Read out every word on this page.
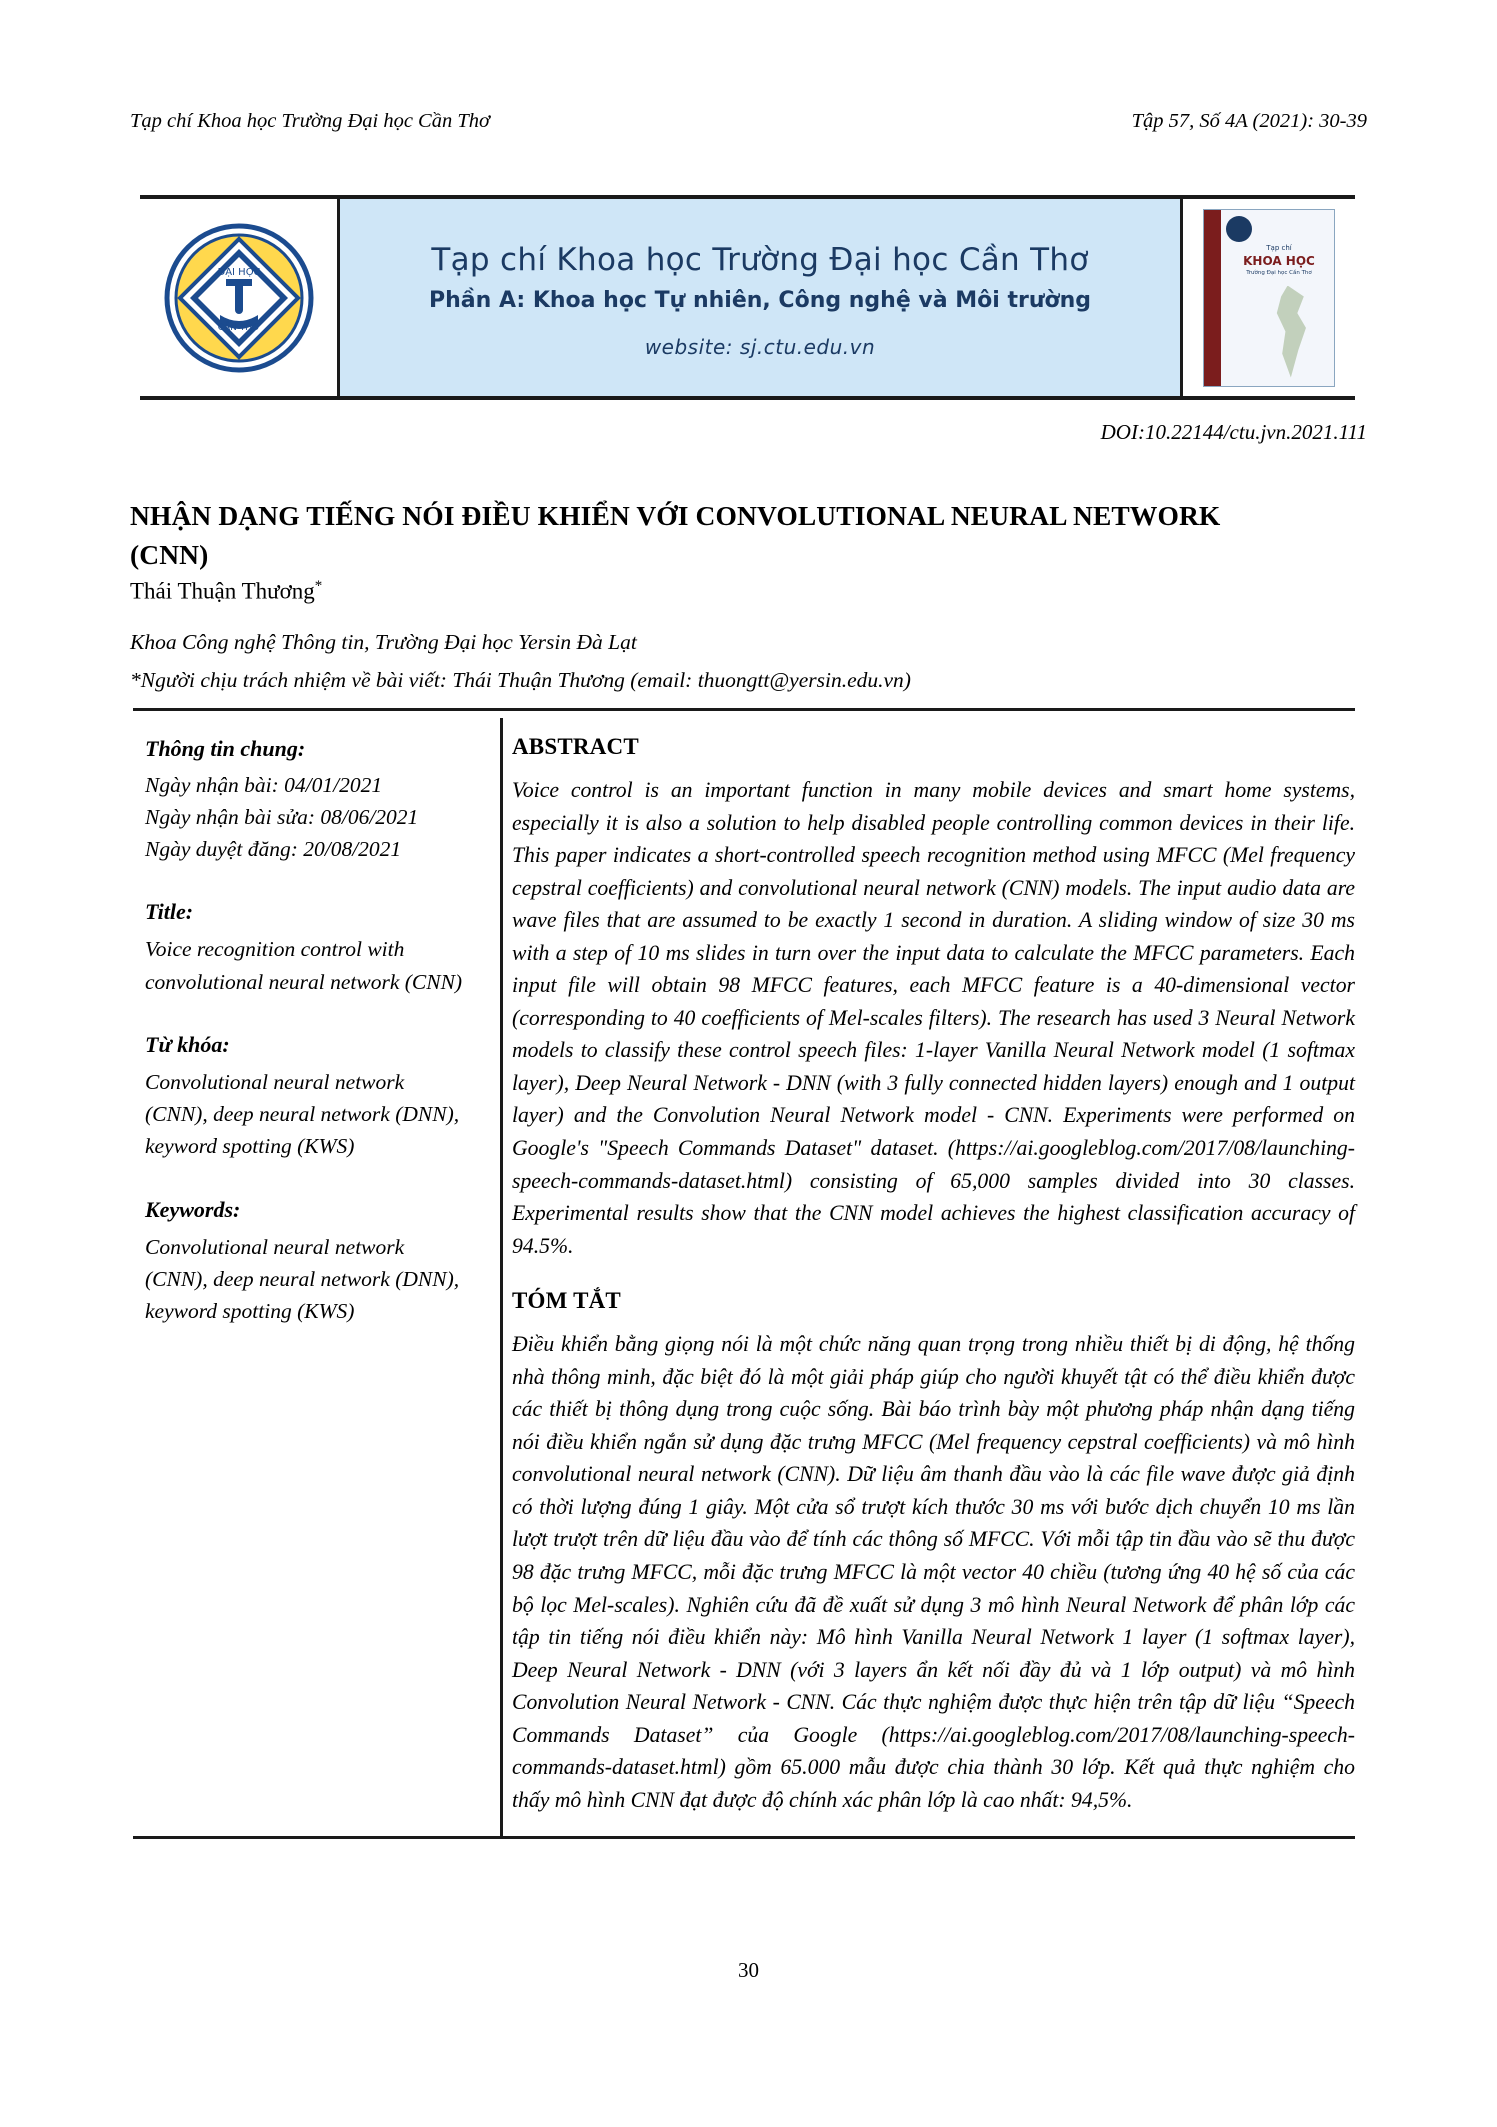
Tạp chí Khoa học Trường Đại học Cần Thơ	Tập 57, Số 4A (2021): 30-39
ĐẠI HỌC
CẦN THƠ
Tạp chí Khoa học Trường Đại học Cần Thơ
Phần A: Khoa học Tự nhiên, Công nghệ và Môi trường
website: sj.ctu.edu.vn
Tạp chí
KHOA HỌC
Trường Đại học Cần Thơ
DOI:10.22144/ctu.jvn.2021.111
NHẬN DẠNG TIẾNG NÓI ĐIỀU KHIỂN VỚI CONVOLUTIONAL NEURAL NETWORK (CNN)
Thái Thuận Thương*
Khoa Công nghệ Thông tin, Trường Đại học Yersin Đà Lạt
*Người chịu trách nhiệm về bài viết: Thái Thuận Thương (email: thuongtt@yersin.edu.vn)
Thông tin chung:

Ngày nhận bài: 04/01/2021

Ngày nhận bài sửa: 08/06/2021

Ngày duyệt đăng: 20/08/2021

Title:

Voice recognition control with convolutional neural network (CNN)

Từ khóa:

Convolutional neural network (CNN), deep neural network (DNN), keyword spotting (KWS)

Keywords:

Convolutional neural network (CNN), deep neural network (DNN), keyword spotting (KWS)

ABSTRACT

Voice control is an important function in many mobile devices and smart home systems, especially it is also a solution to help disabled people controlling common devices in their life. This paper indicates a short-controlled speech recognition method using MFCC (Mel frequency cepstral coefficients) and convolutional neural network (CNN) models. The input audio data are wave files that are assumed to be exactly 1 second in duration. A sliding window of size 30 ms with a step of 10 ms slides in turn over the input data to calculate the MFCC parameters. Each input file will obtain 98 MFCC features, each MFCC feature is a 40-dimensional vector (corresponding to 40 coefficients of Mel-scales filters). The research has used 3 Neural Network models to classify these control speech files: 1-layer Vanilla Neural Network model (1 softmax layer), Deep Neural Network - DNN (with 3 fully connected hidden layers) enough and 1 output layer) and the Convolution Neural Network model - CNN. Experiments were performed on Google's "Speech Commands Dataset" dataset. (https://ai.googleblog.com/2017/08/launching-speech-commands-dataset.html) consisting of 65,000 samples divided into 30 classes. Experimental results show that the CNN model achieves the highest classification accuracy of 94.5%.

TÓM TẮT

Điều khiển bằng giọng nói là một chức năng quan trọng trong nhiều thiết bị di động, hệ thống nhà thông minh, đặc biệt đó là một giải pháp giúp cho người khuyết tật có thể điều khiển được các thiết bị thông dụng trong cuộc sống. Bài báo trình bày một phương pháp nhận dạng tiếng nói điều khiển ngắn sử dụng đặc trưng MFCC (Mel frequency cepstral coefficients) và mô hình convolutional neural network (CNN). Dữ liệu âm thanh đầu vào là các file wave được giả định có thời lượng đúng 1 giây. Một cửa sổ trượt kích thước 30 ms với bước dịch chuyển 10 ms lần lượt trượt trên dữ liệu đầu vào để tính các thông số MFCC. Với mỗi tập tin đầu vào sẽ thu được 98 đặc trưng MFCC, mỗi đặc trưng MFCC là một vector 40 chiều (tương ứng 40 hệ số của các bộ lọc Mel-scales). Nghiên cứu đã đề xuất sử dụng 3 mô hình Neural Network để phân lớp các tập tin tiếng nói điều khiển này: Mô hình Vanilla Neural Network 1 layer (1 softmax layer), Deep Neural Network - DNN (với 3 layers ẩn kết nối đầy đủ và 1 lớp output) và mô hình Convolution Neural Network - CNN. Các thực nghiệm được thực hiện trên tập dữ liệu “Speech Commands Dataset” của Google (https://ai.googleblog.com/2017/08/launching-speech-commands-dataset.html) gồm 65.000 mẫu được chia thành 30 lớp. Kết quả thực nghiệm cho thấy mô hình CNN đạt được độ chính xác phân lớp là cao nhất: 94,5%.

30
